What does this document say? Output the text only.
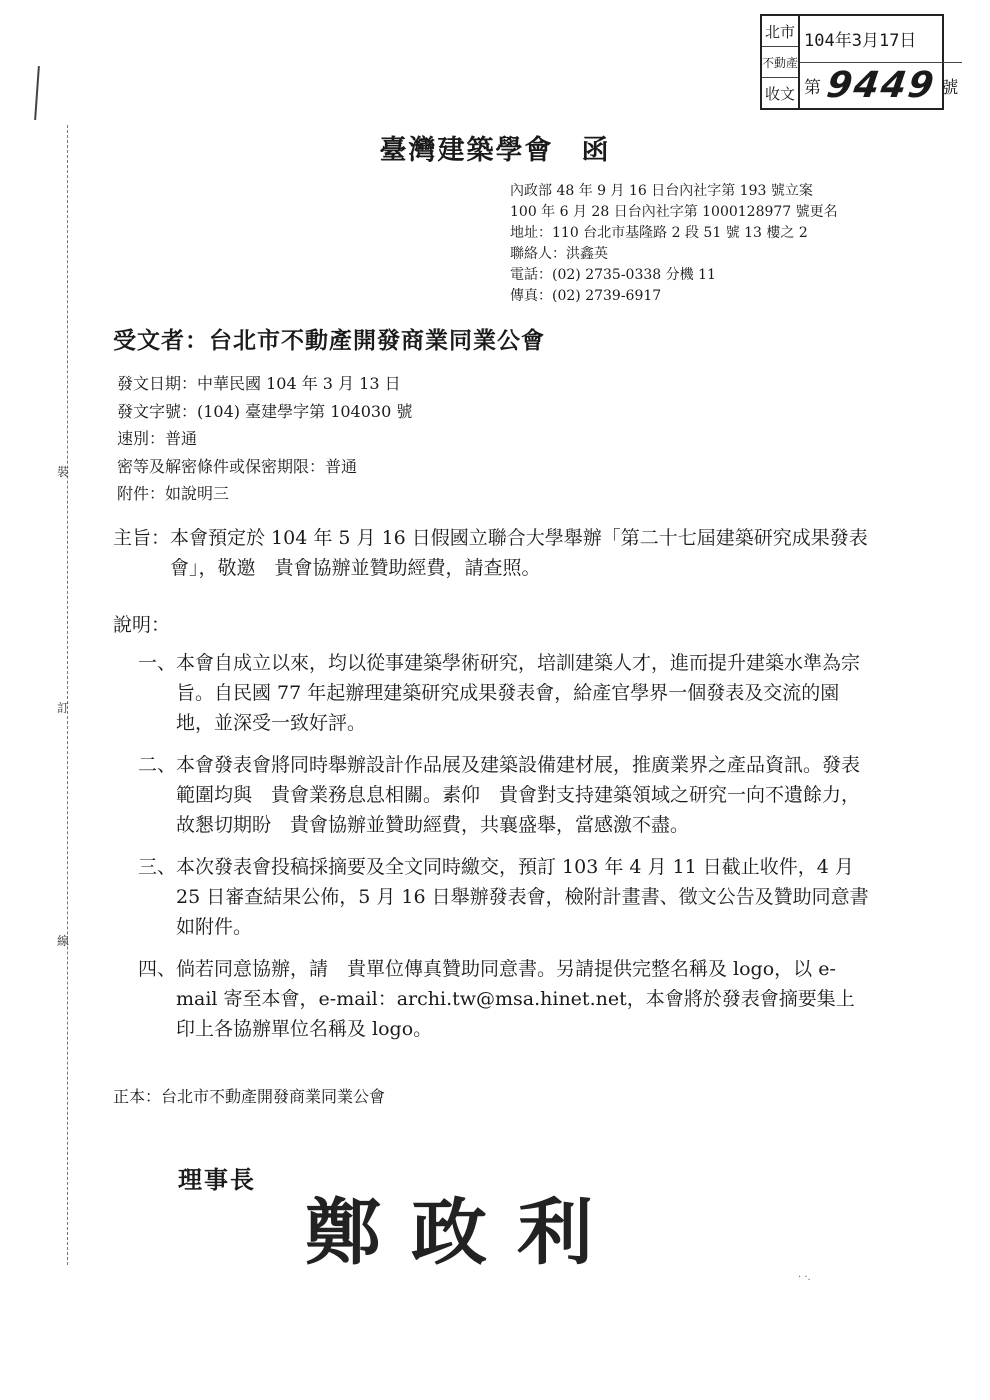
北市
不動產
收文
104年3月17日
第 9449 號
裝
訂
線
臺灣建築學會 函
內政部 48 年 9 月 16 日台內社字第 193 號立案
100 年 6 月 28 日台內社字第 1000128977 號更名
地址：110 台北市基隆路 2 段 51 號 13 樓之 2
聯絡人：洪鑫英
電話：(02) 2735-0338 分機 11
傳真：(02) 2739-6917
受文者：台北市不動產開發商業同業公會
發文日期：中華民國 104 年 3 月 13 日
發文字號：(104) 臺建學字第 104030 號
速別：普通
密等及解密條件或保密期限：普通
附件：如說明三
主旨： 本會預定於 104 年 5 月 16 日假國立聯合大學舉辦「第二十七屆建築研究成果發表會」，敬邀　貴會協辦並贊助經費，請查照。
說明：
一、 本會自成立以來，均以從事建築學術研究，培訓建築人才，進而提升建築水準為宗旨。自民國 77 年起辦理建築研究成果發表會，給產官學界一個發表及交流的園地，並深受一致好評。
二、 本會發表會將同時舉辦設計作品展及建築設備建材展，推廣業界之產品資訊。發表範圍均與　貴會業務息息相關。素仰　貴會對支持建築領域之研究一向不遺餘力，故懇切期盼　貴會協辦並贊助經費，共襄盛舉，當感激不盡。
三、 本次發表會投稿採摘要及全文同時繳交，預訂 103 年 4 月 11 日截止收件，4 月 25 日審查結果公佈，5 月 16 日舉辦發表會，檢附計畫書、徵文公告及贊助同意書如附件。
四、 倘若同意協辦，請　貴單位傳真贊助同意書。另請提供完整名稱及 logo，以 e-mail 寄至本會，e-mail：archi.tw@msa.hinet.net，本會將於發表會摘要集上印上各協辦單位名稱及 logo。
正本：台北市不動產開發商業同業公會
理事長
鄭政利
· ·.
